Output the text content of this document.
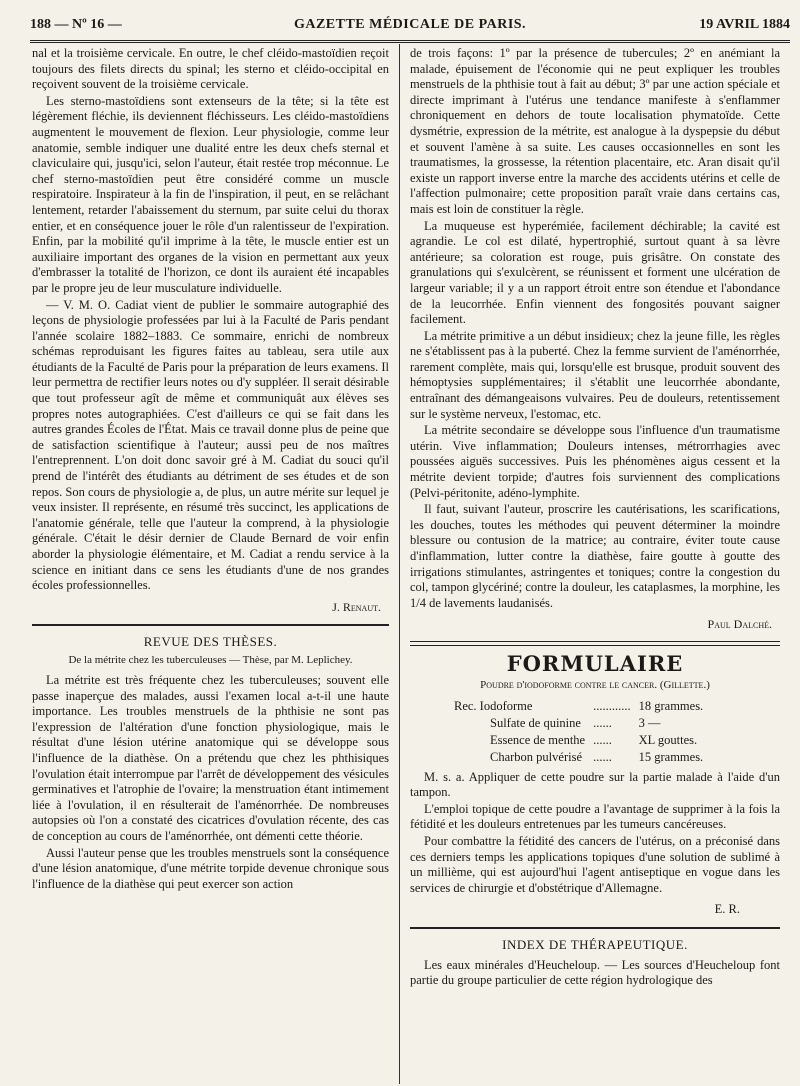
188 — Nº 16 —	GAZETTE MÉDICALE DE PARIS.	19 AVRIL 1884

nal et la troisième cervicale. En outre, le chef cléido-mastoïdien reçoit toujours des filets directs du spinal; les sterno et cléido-occipital en reçoivent souvent de la troisième cervicale.

Les sterno-mastoïdiens sont extenseurs de la tête; si la tête est légèrement fléchie, ils deviennent fléchisseurs. Les cléido-mastoïdiens augmentent le mouvement de flexion. Leur physiologie, comme leur anatomie, semble indiquer une dualité entre les deux chefs sternal et claviculaire qui, jusqu'ici, selon l'auteur, était restée trop méconnue. Le chef sterno-mastoïdien peut être considéré comme un muscle respiratoire. Inspirateur à la fin de l'inspiration, il peut, en se relâchant lentement, retarder l'abaissement du sternum, par suite celui du thorax entier, et en conséquence jouer le rôle d'un ralentisseur de l'expiration. Enfin, par la mobilité qu'il imprime à la tête, le muscle entier est un auxiliaire important des organes de la vision en permettant aux yeux d'embrasser la totalité de l'horizon, ce dont ils auraient été incapables par le propre jeu de leur musculature individuelle.

— V. M. O. Cadiat vient de publier le sommaire autographié des leçons de physiologie professées par lui à la Faculté de Paris pendant l'année scolaire 1882–1883. Ce sommaire, enrichi de nombreux schémas reproduisant les figures faites au tableau, sera utile aux étudiants de la Faculté de Paris pour la préparation de leurs examens. Il leur permettra de rectifier leurs notes ou d'y suppléer. Il serait désirable que tout professeur agît de même et communiquât aux élèves ses propres notes autographiées. C'est d'ailleurs ce qui se fait dans les autres grandes Écoles de l'État. Mais ce travail donne plus de peine que de satisfaction scientifique à l'auteur; aussi peu de nos maîtres l'entreprennent. L'on doit donc savoir gré à M. Cadiat du souci qu'il prend de l'intérêt des étudiants au détriment de ses études et de son repos. Son cours de physiologie a, de plus, un autre mérite sur lequel je veux insister. Il représente, en résumé très succinct, les applications de l'anatomie générale, telle que l'auteur la comprend, à la physiologie générale. C'était le désir dernier de Claude Bernard de voir enfin aborder la physiologie élémentaire, et M. Cadiat a rendu service à la science en initiant dans ce sens les étudiants d'une de nos grandes écoles professionnelles.

J. Renaut.
REVUE DES THÈSES.
De la métrite chez les tuberculeuses — Thèse, par M. Leplichey.

La métrite est très fréquente chez les tuberculeuses; souvent elle passe inaperçue des malades, aussi l'examen local a-t-il une haute importance. Les troubles menstruels de la phthisie ne sont pas l'expression de l'altération d'une fonction physiologique, mais le résultat d'une lésion utérine anatomique qui se développe sous l'influence de la diathèse. On a prétendu que chez les phthisiques l'ovulation était interrompue par l'arrêt de développement des vésicules germinatives et l'atrophie de l'ovaire; la menstruation étant intimement liée à l'ovulation, il en résulterait de l'aménorrhée. De nombreuses autopsies où l'on a constaté des cicatrices d'ovulation récente, des cas de conception au cours de l'aménorrhée, ont démenti cette théorie.

Aussi l'auteur pense que les troubles menstruels sont la conséquence d'une lésion anatomique, d'une métrite torpide devenue chronique sous l'influence de la diathèse qui peut exercer son action

de trois façons: 1º par la présence de tubercules; 2º en anémiant la malade, épuisement de l'économie qui ne peut expliquer les troubles menstruels de la phthisie tout à fait au début; 3º par une action spéciale et directe imprimant à l'utérus une tendance manifeste à s'enflammer chroniquement en dehors de toute localisation phymatoïde. Cette dysmétrie, expression de la métrite, est analogue à la dyspepsie du début et souvent l'amène à sa suite. Les causes occasionnelles en sont les traumatismes, la grossesse, la rétention placentaire, etc. Aran disait qu'il existe un rapport inverse entre la marche des accidents utérins et celle de l'affection pulmonaire; cette proposition paraît vraie dans certains cas, mais est loin de constituer la règle.

La muqueuse est hyperémiée, facilement déchirable; la cavité est agrandie. Le col est dilaté, hypertrophié, surtout quant à sa lèvre antérieure; sa coloration est rouge, puis grisâtre. On constate des granulations qui s'exulcèrent, se réunissent et forment une ulcération de largeur variable; il y a un rapport étroit entre son étendue et l'abondance de la leucorrhée. Enfin viennent des fongosités pouvant saigner facilement.

La métrite primitive a un début insidieux; chez la jeune fille, les règles ne s'établissent pas à la puberté. Chez la femme survient de l'aménorrhée, rarement complète, mais qui, lorsqu'elle est brusque, produit souvent des hémoptysies supplémentaires; il s'établit une leucorrhée abondante, entraînant des démangeaisons vulvaires. Peu de douleurs, retentissement sur le système nerveux, l'estomac, etc.

La métrite secondaire se développe sous l'influence d'un traumatisme utérin. Vive inflammation; Douleurs intenses, métrorrhagies avec poussées aiguës successives. Puis les phénomènes aigus cessent et la métrite devient torpide; d'autres fois surviennent des complications (Pelvi-péritonite, adéno-lymphite.

Il faut, suivant l'auteur, proscrire les cautérisations, les scarifications, les douches, toutes les méthodes qui peuvent déterminer la moindre blessure ou contusion de la matrice; au contraire, éviter toute cause d'inflammation, lutter contre la diathèse, faire goutte à goutte des irrigations stimulantes, astringentes et toniques; contre la congestion du col, tampon glycériné; contre la douleur, les cataplasmes, la morphine, les 1/4 de lavements laudanisés.

Paul Dalché.
FORMULAIRE
Poudre d'iodoforme contre le cancer. (Gillette.)
Rec. Iodoforme	............	18 grammes.
Sulfate de quinine	......	3 —
Essence de menthe	......	XL gouttes.
Charbon pulvérisé	......	15 grammes.

M. s. a. Appliquer de cette poudre sur la partie malade à l'aide d'un tampon.

L'emploi topique de cette poudre a l'avantage de supprimer à la fois la fétidité et les douleurs entretenues par les tumeurs cancéreuses.

Pour combattre la fétidité des cancers de l'utérus, on a préconisé dans ces derniers temps les applications topiques d'une solution de sublimé à un millième, qui est aujourd'hui l'agent antiseptique en vogue dans les services de chirurgie et d'obstétrique d'Allemagne.

E. R.
INDEX DE THÉRAPEUTIQUE.

Les eaux minérales d'Heucheloup. — Les sources d'Heucheloup font partie du groupe particulier de cette région hydrologique des
